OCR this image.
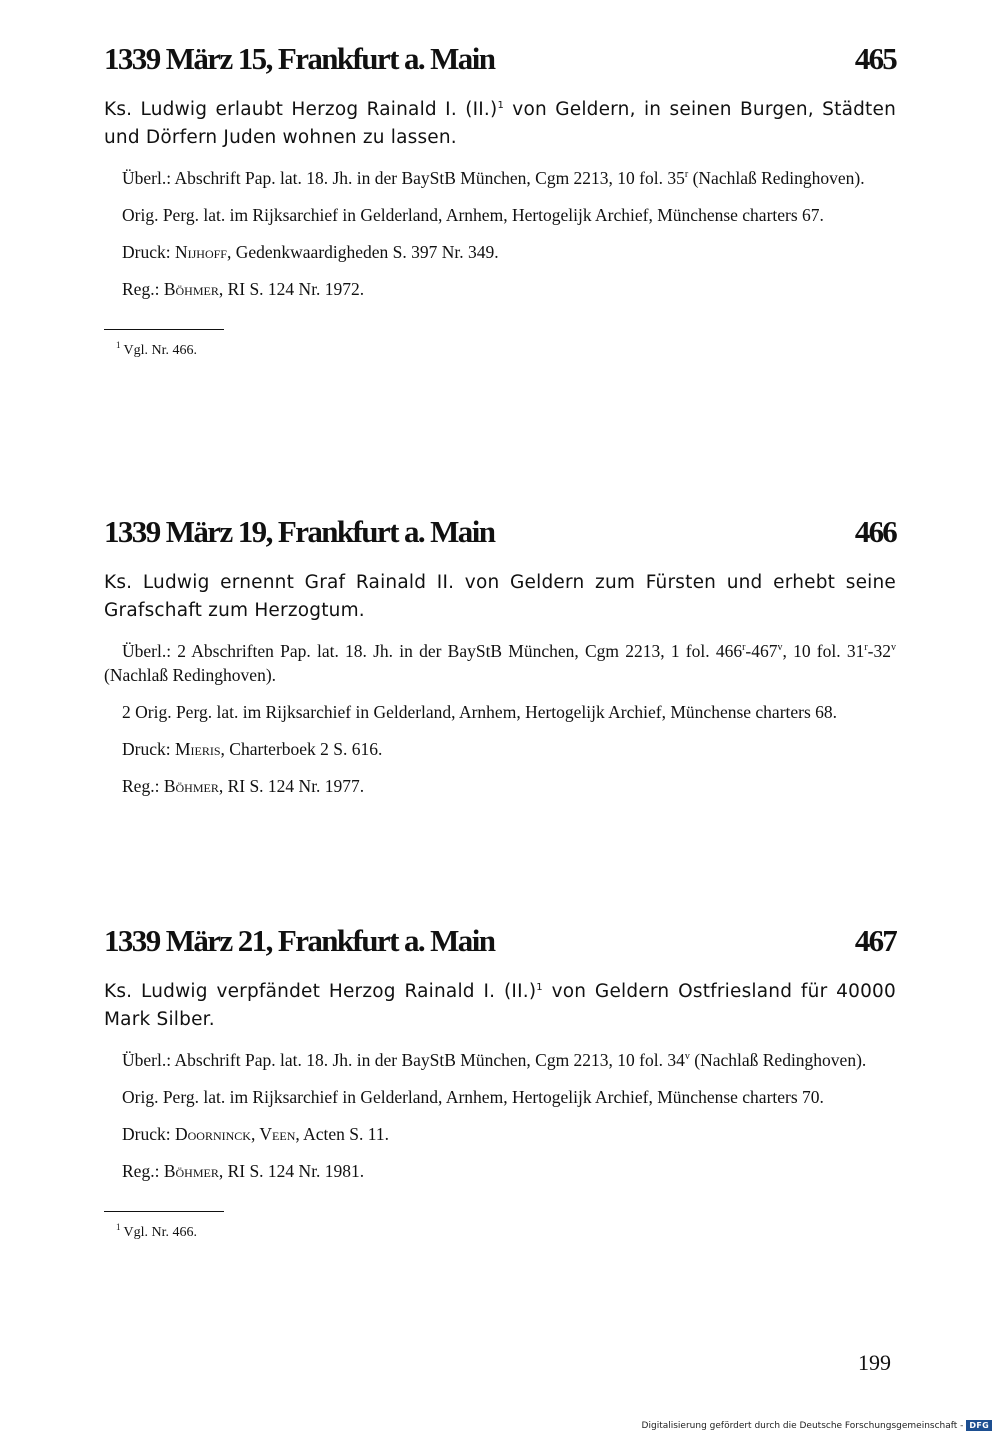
1339 März 15, Frankfurt a. Main	465

Ks. Ludwig erlaubt Herzog Rainald I. $(II.)^1$ von Geldern, in seinen Burgen, Städten und Dörfern Juden wohnen zu lassen.

Überl.: Abschrift Pap. lat. 18. Jh. in der BayStB München, Cgm 2213, 10 fol. 35$^r$ (Nachlaß Redinghoven).

Orig. Perg. lat. im Rijksarchief in Gelderland, Arnhem, Hertogelijk Archief, Münchense charters 67.

Druck: Nijhoff, Gedenkwaardigheden S. 397 Nr. 349.

Reg.: Böhmer, RI S. 124 Nr. 1972.

$^1$ Vgl. Nr. 466.
1339 März 19, Frankfurt a. Main	466

Ks. Ludwig ernennt Graf Rainald II. von Geldern zum Fürsten und erhebt seine Grafschaft zum Herzogtum.

Überl.: 2 Abschriften Pap. lat. 18. Jh. in der BayStB München, Cgm 2213, 1 fol. 466$^r$-467$^v$, 10 fol. 31$^r$-32$^v$ (Nachlaß Redinghoven).

2 Orig. Perg. lat. im Rijksarchief in Gelderland, Arnhem, Hertogelijk Archief, Münchense charters 68.

Druck: Mieris, Charterboek 2 S. 616.

Reg.: Böhmer, RI S. 124 Nr. 1977.

1339 März 21, Frankfurt a. Main	467

Ks. Ludwig verpfändet Herzog Rainald I. $(II.)^1$ von Geldern Ostfriesland für 40000 Mark Silber.

Überl.: Abschrift Pap. lat. 18. Jh. in der BayStB München, Cgm 2213, 10 fol. 34$^v$ (Nachlaß Redinghoven).

Orig. Perg. lat. im Rijksarchief in Gelderland, Arnhem, Hertogelijk Archief, Münchense charters 70.

Druck: Doorninck, Veen, Acten S. 11.

Reg.: Böhmer, RI S. 124 Nr. 1981.

$^1$ Vgl. Nr. 466.
199
Digitalisierung gefördert durch die Deutsche Forschungsgemeinschaft - DFG
